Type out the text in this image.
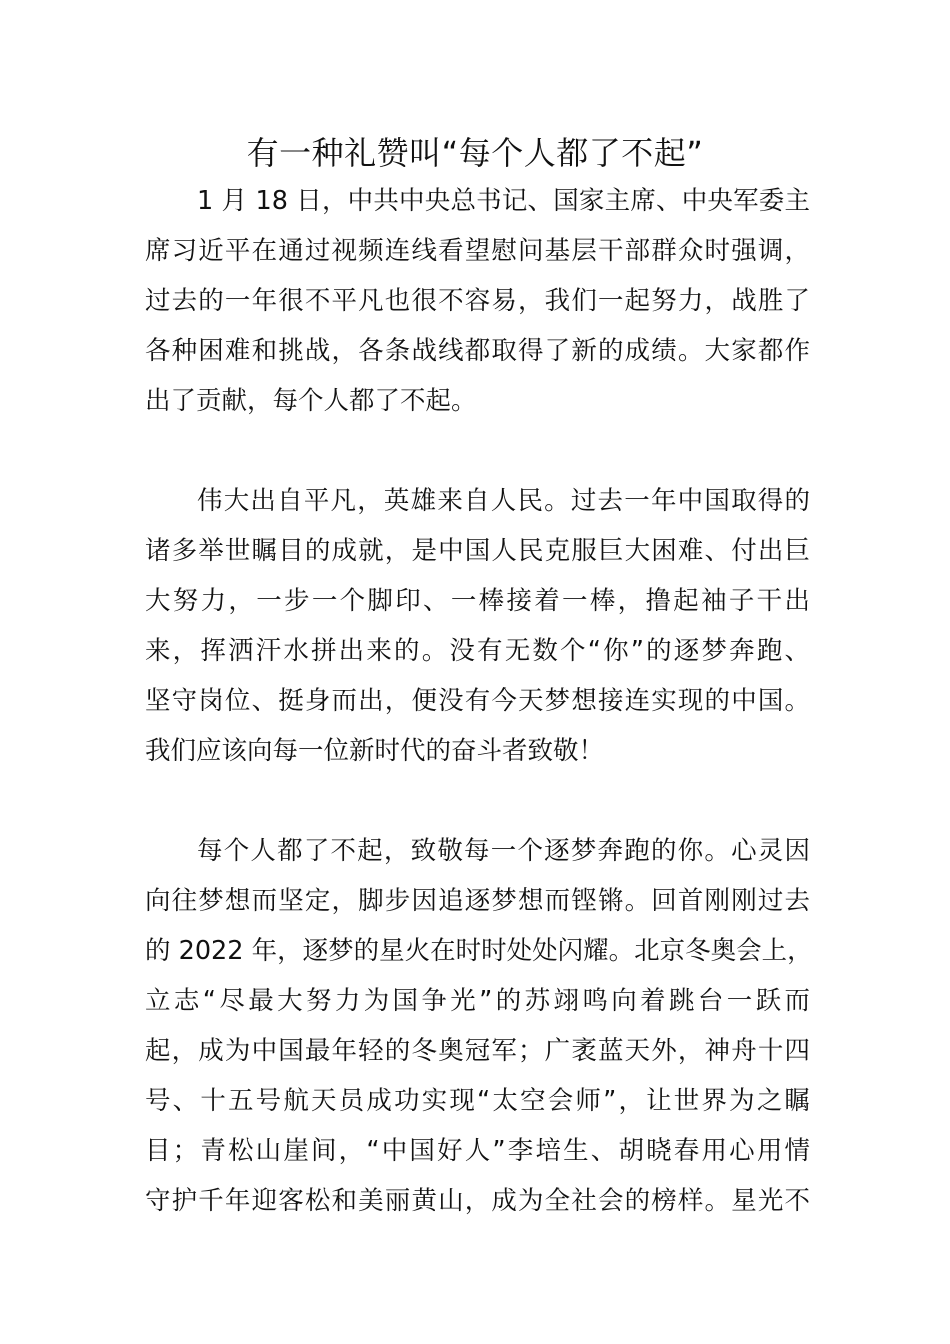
有一种礼赞叫“每个人都了不起”
1 月 18 日，中共中央总书记、国家主席、中央军委主
席习近平在通过视频连线看望慰问基层干部群众时强调，
过去的一年很不平凡也很不容易，我们一起努力，战胜了
各种困难和挑战，各条战线都取得了新的成绩。大家都作
出了贡献，每个人都了不起。
伟大出自平凡，英雄来自人民。过去一年中国取得的
诸多举世瞩目的成就，是中国人民克服巨大困难、付出巨
大努力，一步一个脚印、一棒接着一棒，撸起袖子干出
来，挥洒汗水拼出来的。没有无数个“你”的逐梦奔跑、
坚守岗位、挺身而出，便没有今天梦想接连实现的中国。
我们应该向每一位新时代的奋斗者致敬！
每个人都了不起，致敬每一个逐梦奔跑的你。心灵因
向往梦想而坚定，脚步因追逐梦想而铿锵。回首刚刚过去
的 2022 年，逐梦的星火在时时处处闪耀。北京冬奥会上，
立志“尽最大努力为国争光”的苏翊鸣向着跳台一跃而
起，成为中国最年轻的冬奥冠军；广袤蓝天外，神舟十四
号、十五号航天员成功实现“太空会师”，让世界为之瞩
目；青松山崖间，“中国好人”李培生、胡晓春用心用情
守护千年迎客松和美丽黄山，成为全社会的榜样。星光不
